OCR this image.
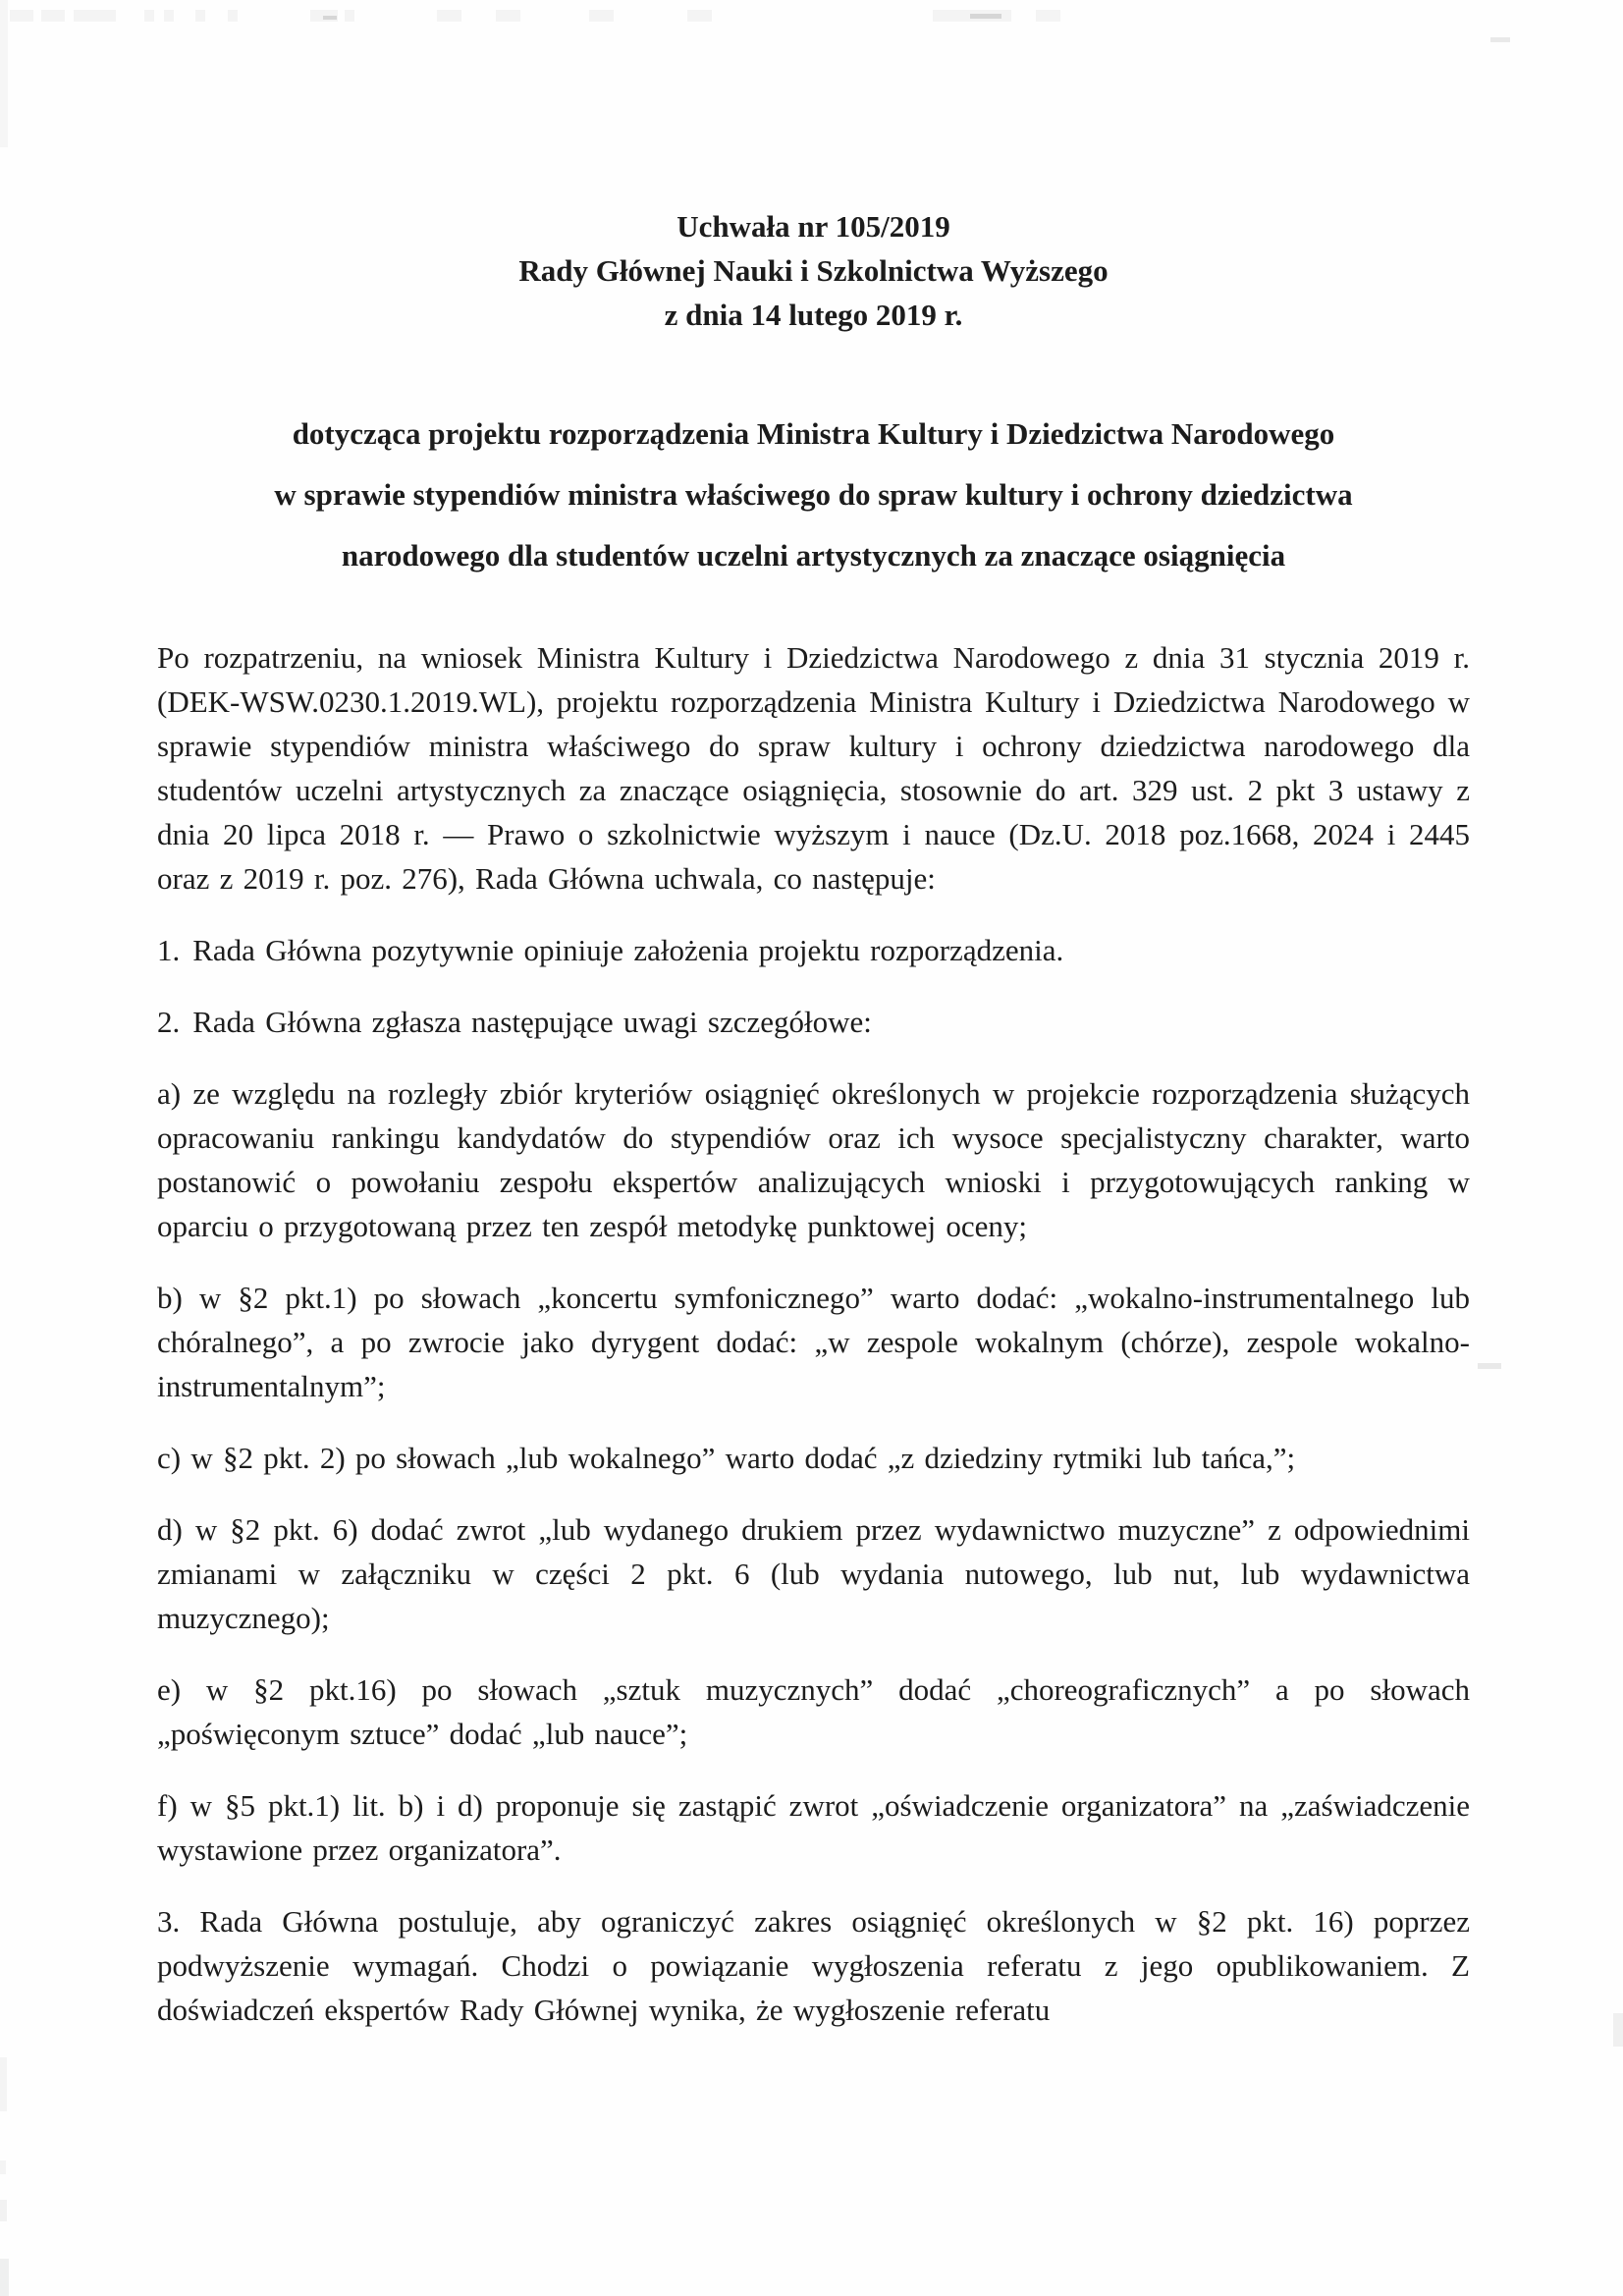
Uchwała nr 105/2019
Rady Głównej Nauki i Szkolnictwa Wyższego
z dnia 14 lutego 2019 r.
dotycząca projektu rozporządzenia Ministra Kultury i Dziedzictwa Narodowego
w sprawie stypendiów ministra właściwego do spraw kultury i ochrony dziedzictwa
narodowego dla studentów uczelni artystycznych za znaczące osiągnięcia

Po rozpatrzeniu, na wniosek Ministra Kultury i Dziedzictwa Narodowego z dnia 31 stycznia 2019 r. (DEK-WSW.0230.1.2019.WL), projektu rozporządzenia Ministra Kultury i Dziedzictwa Narodowego w sprawie stypendiów ministra właściwego do spraw kultury i ochrony dziedzictwa narodowego dla studentów uczelni artystycznych za znaczące osiągnięcia, stosownie do art. 329 ust. 2 pkt 3 ustawy z dnia 20 lipca 2018 r. — Prawo o szkolnictwie wyższym i nauce (Dz.U. 2018 poz.1668, 2024 i 2445 oraz z 2019 r. poz. 276), Rada Główna uchwala, co następuje:

1. Rada Główna pozytywnie opiniuje założenia projektu rozporządzenia.

2. Rada Główna zgłasza następujące uwagi szczegółowe:

a) ze względu na rozległy zbiór kryteriów osiągnięć określonych w projekcie rozporządzenia służących opracowaniu rankingu kandydatów do stypendiów oraz ich wysoce specjalistyczny charakter, warto postanowić o powołaniu zespołu ekspertów analizujących wnioski i przygotowujących ranking w oparciu o przygotowaną przez ten zespół metodykę punktowej oceny;

b) w §2 pkt.1) po słowach „koncertu symfonicznego” warto dodać: „wokalno-instrumentalnego lub chóralnego”, a po zwrocie jako dyrygent dodać: „w zespole wokalnym (chórze), zespole wokalno-instrumentalnym”;

c) w §2 pkt. 2) po słowach „lub wokalnego” warto dodać „z dziedziny rytmiki lub tańca,”;

d) w §2 pkt. 6) dodać zwrot „lub wydanego drukiem przez wydawnictwo muzyczne” z odpowiednimi zmianami w załączniku w części 2 pkt. 6 (lub wydania nutowego, lub nut, lub wydawnictwa muzycznego);

e) w §2 pkt.16) po słowach „sztuk muzycznych” dodać „choreograficznych” a po słowach „poświęconym sztuce” dodać „lub nauce”;

f) w §5 pkt.1) lit. b) i d) proponuje się zastąpić zwrot „oświadczenie organizatora” na „zaświadczenie wystawione przez organizatora”.

3. Rada Główna postuluje, aby ograniczyć zakres osiągnięć określonych w §2 pkt. 16) poprzez podwyższenie wymagań. Chodzi o powiązanie wygłoszenia referatu z jego opublikowaniem. Z doświadczeń ekspertów Rady Głównej wynika, że wygłoszenie referatu
